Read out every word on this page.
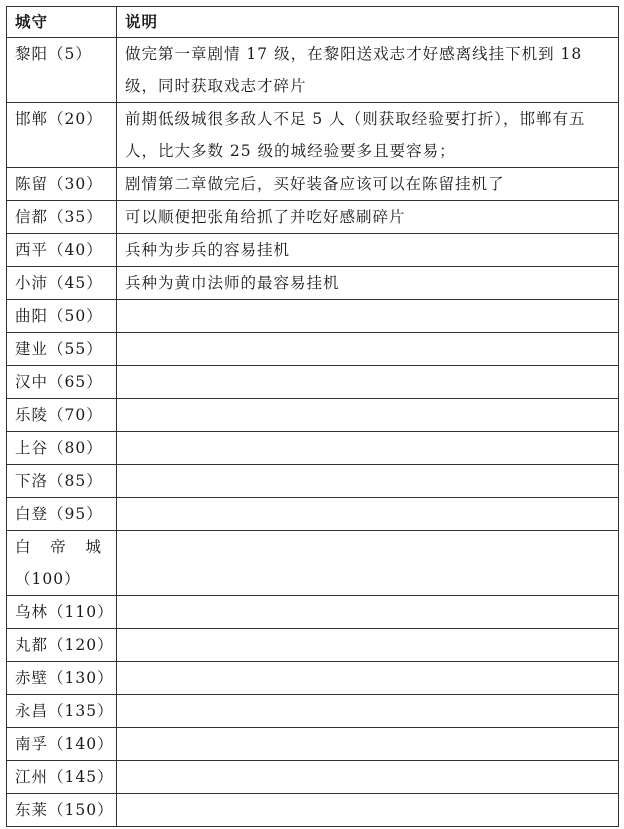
城守	说明
黎阳（5）	做完第一章剧情 17 级，在黎阳送戏志才好感离线挂下机到 18 级，同时获取戏志才碎片
邯郸（20）	前期低级城很多敌人不足 5 人（则获取经验要打折），邯郸有五人，比大多数 25 级的城经验要多且要容易；
陈留（30）	剧情第二章做完后，买好装备应该可以在陈留挂机了
信都（35）	可以顺便把张角给抓了并吃好感刷碎片
西平（40）	兵种为步兵的容易挂机
小沛（45）	兵种为黄巾法师的最容易挂机
曲阳（50）	
建业（55）	
汉中（65）	
乐陵（70）	
上谷（80）	
下洛（85）	
白登（95）	
白 帝 城
（100）	

乌林（110）	
丸都（120）	
赤壁（130）	
永昌（135）	
南孚（140）	
江州（145）	
东莱（150）	
